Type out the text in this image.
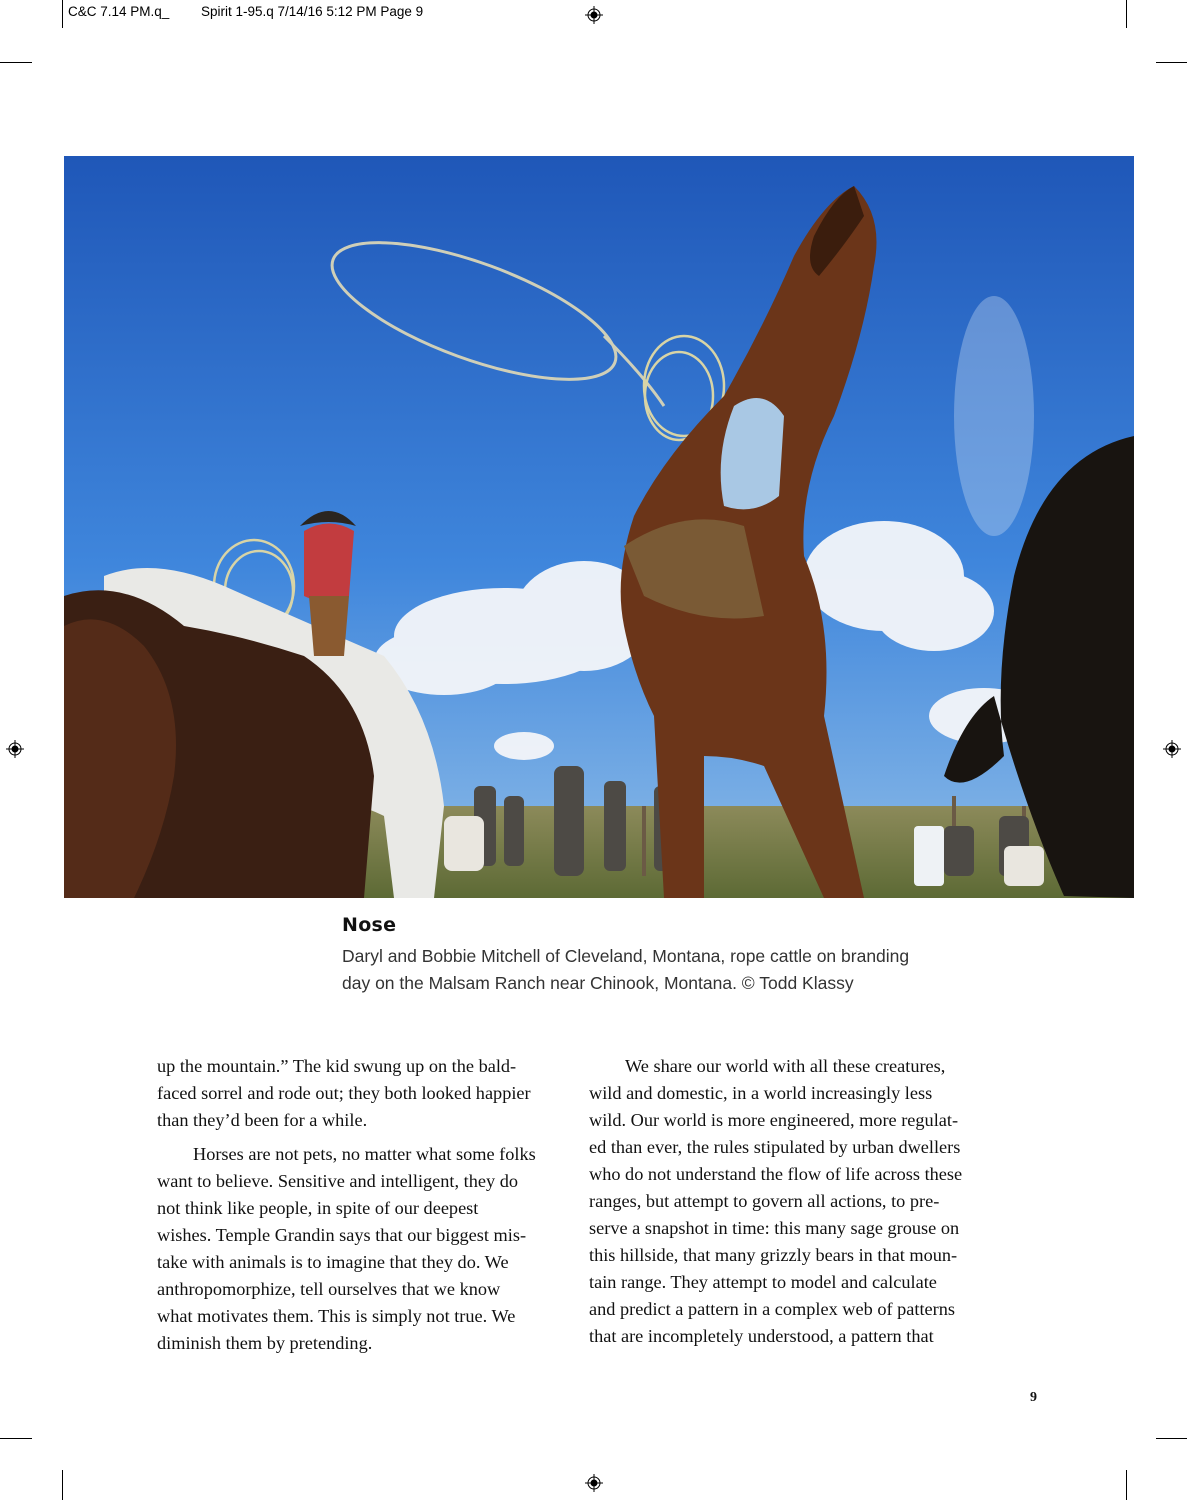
C&C 7.14 PM.q_ Spirit 1-95.q 7/14/16 5:12 PM Page 9
Nose
Daryl and Bobbie Mitchell of Cleveland, Montana, rope cattle on branding
day on the Malsam Ranch near Chinook, Montana. © Todd Klassy

up the mountain.” The kid swung up on the bald-
faced sorrel and rode out; they both looked happier
than they’d been for a while.

Horses are not pets, no matter what some folks
want to believe. Sensitive and intelligent, they do
not think like people, in spite of our deepest
wishes. Temple Grandin says that our biggest mis-
take with animals is to imagine that they do. We
anthropomorphize, tell ourselves that we know
what motivates them. This is simply not true. We
diminish them by pretending.

We share our world with all these creatures,
wild and domestic, in a world increasingly less
wild. Our world is more engineered, more regulat-
ed than ever, the rules stipulated by urban dwellers
who do not understand the flow of life across these
ranges, but attempt to govern all actions, to pre-
serve a snapshot in time: this many sage grouse on
this hillside, that many grizzly bears in that moun-
tain range. They attempt to model and calculate
and predict a pattern in a complex web of patterns
that are incompletely understood, a pattern that

9
